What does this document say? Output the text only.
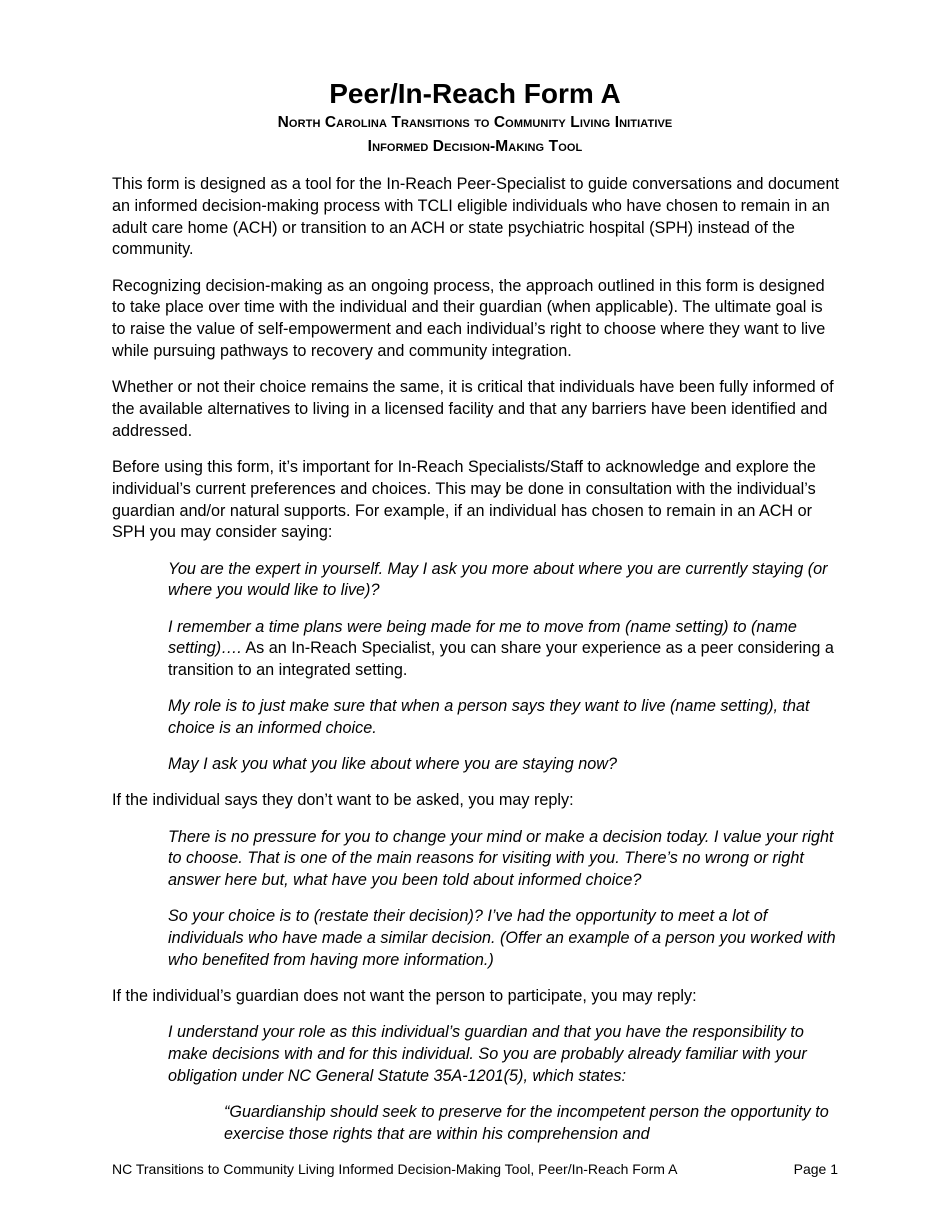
Peer/In-Reach Form A
North Carolina Transitions to Community Living Initiative
Informed Decision-Making Tool

This form is designed as a tool for the In-Reach Peer-Specialist to guide conversations and document an informed decision-making process with TCLI eligible individuals who have chosen to remain in an adult care home (ACH) or transition to an ACH or state psychiatric hospital (SPH) instead of the community.

Recognizing decision-making as an ongoing process, the approach outlined in this form is designed to take place over time with the individual and their guardian (when applicable). The ultimate goal is to raise the value of self-empowerment and each individual’s right to choose where they want to live while pursuing pathways to recovery and community integration.

Whether or not their choice remains the same, it is critical that individuals have been fully informed of the available alternatives to living in a licensed facility and that any barriers have been identified and addressed.

Before using this form, it’s important for In-Reach Specialists/Staff to acknowledge and explore the individual’s current preferences and choices. This may be done in consultation with the individual’s guardian and/or natural supports. For example, if an individual has chosen to remain in an ACH or SPH you may consider saying:

You are the expert in yourself. May I ask you more about where you are currently staying (or where you would like to live)?

I remember a time plans were being made for me to move from (name setting) to (name setting)…. As an In-Reach Specialist, you can share your experience as a peer considering a transition to an integrated setting.

My role is to just make sure that when a person says they want to live (name setting), that choice is an informed choice.

May I ask you what you like about where you are staying now?

If the individual says they don’t want to be asked, you may reply:

There is no pressure for you to change your mind or make a decision today. I value your right to choose. That is one of the main reasons for visiting with you. There’s no wrong or right answer here but, what have you been told about informed choice?

So your choice is to (restate their decision)? I’ve had the opportunity to meet a lot of individuals who have made a similar decision. (Offer an example of a person you worked with who benefited from having more information.)

If the individual’s guardian does not want the person to participate, you may reply:

I understand your role as this individual’s guardian and that you have the responsibility to make decisions with and for this individual. So you are probably already familiar with your obligation under NC General Statute 35A-1201(5), which states:

“Guardianship should seek to preserve for the incompetent person the opportunity to exercise those rights that are within his comprehension and

NC Transitions to Community Living Informed Decision-Making Tool, Peer/In-Reach Form A	Page 1
